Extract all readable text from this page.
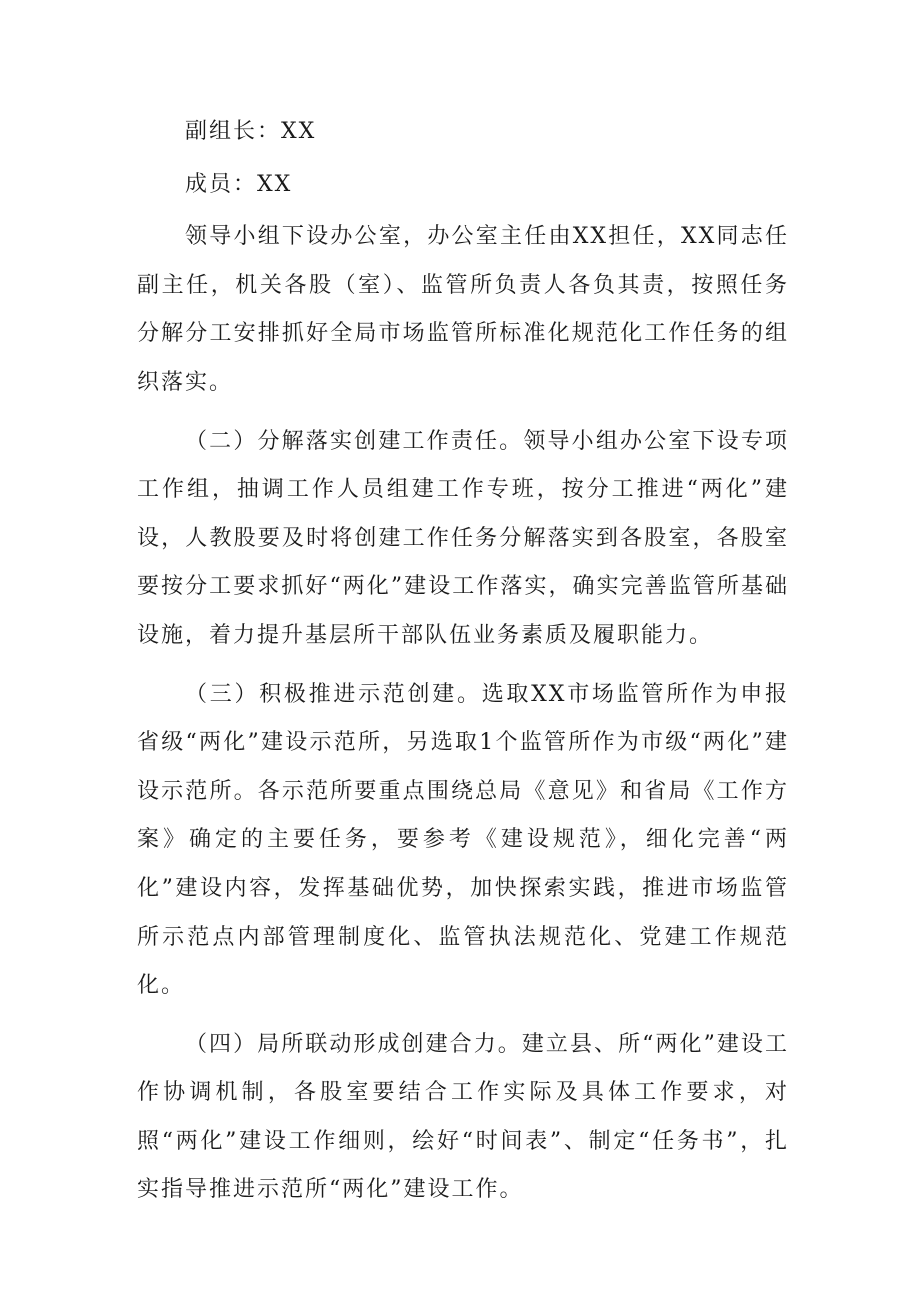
副组长：XX

成员：XX

领导小组下设办公室，办公室主任由XX担任，XX同志任副主任，机关各股（室）、监管所负责人各负其责，按照任务分解分工安排抓好全局市场监管所标准化规范化工作任务的组织落实。

（二）分解落实创建工作责任。领导小组办公室下设专项工作组，抽调工作人员组建工作专班，按分工推进“两化”建设，人教股要及时将创建工作任务分解落实到各股室，各股室要按分工要求抓好“两化”建设工作落实，确实完善监管所基础设施，着力提升基层所干部队伍业务素质及履职能力。

（三）积极推进示范创建。选取XX市场监管所作为申报省级“两化”建设示范所，另选取1个监管所作为市级“两化”建设示范所。各示范所要重点围绕总局《意见》和省局《工作方案》确定的主要任务，要参考《建设规范》，细化完善“两化”建设内容，发挥基础优势，加快探索实践，推进市场监管所示范点内部管理制度化、监管执法规范化、党建工作规范化。

（四）局所联动形成创建合力。建立县、所“两化”建设工作协调机制，各股室要结合工作实际及具体工作要求，对照“两化”建设工作细则，绘好“时间表”、制定“任务书”，扎实指导推进示范所“两化”建设工作。
